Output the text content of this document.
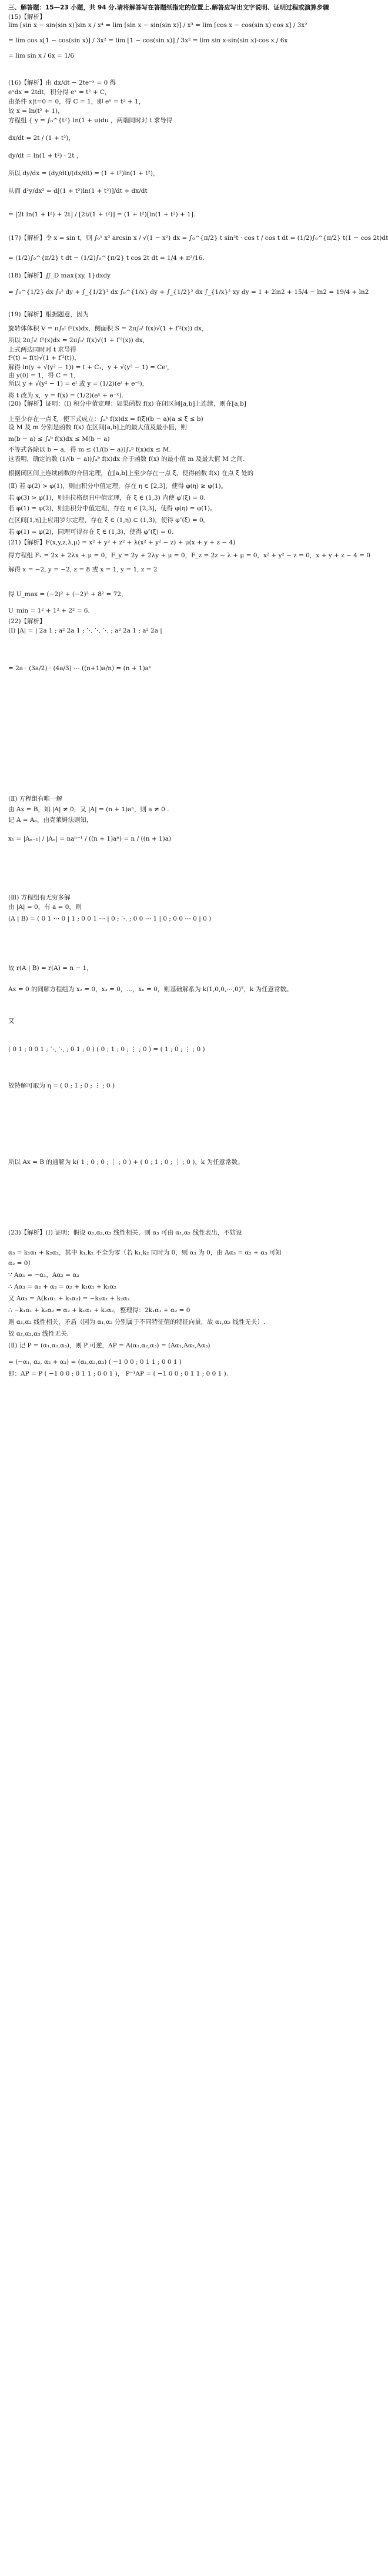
三、解答题：15—23 小题，共 94 分.请将解答写在答题纸指定的位置上.解答应写出文字说明、证明过程或演算步骤
(15)【解析】
lim [sin x − sin(sin x)]sin x / x⁴ = lim [sin x − sin(sin x)] / x³ = lim [cos x − cos(sin x)·cos x] / 3x²
= lim cos x[1 − cos(sin x)] / 3x² = lim [1 − cos(sin x)] / 3x² = lim sin x·sin(sin x)·cos x / 6x
= lim sin x / 6x = 1/6
(16)【解析】由 dx/dt − 2te⁻ˣ = 0 得
eˣdx = 2tdt，积分得 eˣ = t² + C，
由条件 x|t=0 = 0，得 C = 1，即 eˣ = t² + 1，
故 x = ln(t² + 1)，
方程组 { y = ∫₀^{t²} ln(1 + u)du ，两端同时对 t 求导得
dx/dt = 2t / (1 + t²)，
dy/dt = ln(1 + t²) · 2t ，
所以 dy/dx = (dy/dt)/(dx/dt) = (1 + t²)ln(1 + t²)，
从而 d²y/dx² = d[(1 + t²)ln(1 + t²)]/dt ÷ dx/dt
= [2t ln(1 + t²) + 2t] / [2t/(1 + t²)] = (1 + t²)[ln(1 + t²) + 1].
(17)【解析】令 x = sin t，则 ∫₀¹ x² arcsin x / √(1 − x²) dx = ∫₀^{π/2} t sin²t · cos t / cos t dt = (1/2)∫₀^{π/2} t(1 − cos 2t)dt
= (1/2)∫₀^{π/2} t dt − (1/2)∫₀^{π/2} t cos 2t dt = 1/4 + π²/16.
(18)【解析】∬_D max{xy, 1}dxdy
= ∫₀^{1/2} dx ∫₀² dy + ∫_{1/2}² dx ∫₀^{1/x} dy + ∫_{1/2}² dx ∫_{1/x}² xy dy = 1 + 2ln2 + 15/4 − ln2 = 19/4 + ln2
(19)【解析】根据题意，因为
旋转体体积 V = π∫₀ᵗ f²(x)dx，侧面积 S = 2π∫₀ᵗ f(x)√(1 + f′²(x)) dx，
所以 2π∫₀ᵗ f²(x)dx = 2π∫₀ᵗ f(x)√(1 + f′²(x)) dx，
上式两边同时对 t 求导得
f²(t) = f(t)√(1 + f′²(t))，
解得 ln(y + √(y² − 1)) = t + C₁，y + √(y² − 1) = Ceᵗ，
由 y(0) = 1，得 C = 1，
所以 y + √(y² − 1) = eᵗ 或 y = (1/2)(eᵗ + e⁻ᵗ)，
将 t 改为 x，y = f(x) = (1/2)(eˣ + e⁻ˣ).
(20)【解析】证明：(I) 积分中值定理：如果函数 f(x) 在闭区间[a,b]上连续，则在[a,b]
上至少存在一点 ξ，使下式成立：∫ₐᵇ f(x)dx = f(ξ)(b − a)(a ≤ ξ ≤ b)
设 M 及 m 分别是函数 f(x) 在区间[a,b]上的最大值及最小值，则
m(b − a) ≤ ∫ₐᵇ f(x)dx ≤ M(b − a)
不等式各除以 b − a，得 m ≤ (1/(b − a))∫ₐᵇ f(x)dx ≤ M.
这表明，确定的数 (1/(b − a))∫ₐᵇ f(x)dx 介于函数 f(x) 的最小值 m 及最大值 M 之间.
根据闭区间上连续函数的介值定理，在[a,b]上至少存在一点 ξ，使得函数 f(x) 在点 ξ 处的
(Ⅱ) 若 φ(2) > φ(1)，则由积分中值定理，存在 η ∈ [2,3]，使得 φ(η) ≥ φ(1)。
若 φ(3) > φ(1)，则由拉格朗日中值定理，在 ξ ∈ (1,3) 内使 φ′(ξ) = 0.
若 φ(1) = φ(2)，则由积分中值定理，存在 η ∈ [2,3]，使得 φ(η) = φ(1)。
在区间[1,η]上应用罗尔定理，存在 ξ ∈ (1,η) ⊂ (1,3)，使得 φ″(ξ) = 0。
若 φ(1) = φ(2)，同理可得存在 ξ ∈ (1,3)，使得 φ″(ξ) = 0.
(21)【解析】F(x,y,z,λ,μ) = x² + y² + z² + λ(x² + y² − z) + μ(x + y + z − 4)
得方程组 Fₓ = 2x + 2λx + μ = 0，F_y = 2y + 2λy + μ = 0，F_z = 2z − λ + μ = 0，x² + y² − z = 0，x + y + z − 4 = 0
解得 x = −2, y = −2, z = 8 或 x = 1, y = 1, z = 2
得 U_max = (−2)² + (−2)² + 8² = 72，
U_min = 1² + 1² + 2² = 6.
(22)【解析】
(I) |A| = | 2a 1 ; a² 2a 1 ; ⋱ ⋱ ⋱ ; a² 2a 1 ; a² 2a |
= 2a · (3a/2) · (4a/3) ⋯ ((n+1)a/n) = (n + 1)aⁿ
(Ⅱ) 方程组有唯一解
由 Ax = B，知 |A| ≠ 0，又 |A| = (n + 1)aⁿ，则 a ≠ 0 .
记 A = Aₙ，由克莱姆法则知，
x₁ = |Aₙ₋₁| / |Aₙ| = naⁿ⁻¹ / ((n + 1)aⁿ) = n / ((n + 1)a)
(Ⅲ) 方程组有无穷多解
由 |A| = 0，有 a = 0，则
(A | B) = ( 0 1 ⋯ 0 | 1 ; 0 0 1 ⋯ | 0 ; ⋱ ; 0 0 ⋯ 1 | 0 ; 0 0 ⋯ 0 | 0 )
故 r(A | B) = r(A) = n − 1，
Ax = 0 的同解方程组为 x₂ = 0，x₃ = 0，⋯，xₙ = 0，则基础解系为 k(1,0,0,⋯,0)ᵀ，k 为任意常数。
又
( 0 1 ; 0 0 1 ; ⋱ ⋱ ; 0 1 ; 0 ) ( 0 ; 1 ; 0 ; ⋮ ; 0 ) = ( 1 ; 0 ; ⋮ ; 0 )
故特解可取为 η = ( 0 ; 1 ; 0 ; ⋮ ; 0 )
所以 Ax = B 的通解为 k( 1 ; 0 ; 0 ; ⋮ ; 0 ) + ( 0 ; 1 ; 0 ; ⋮ ; 0 )，k 为任意常数。
(23)【解析】(I) 证明：假设 α₁,α₂,α₃ 线性相关，则 α₃ 可由 α₁,α₂ 线性表出，不妨设
α₃ = k₁α₁ + k₂α₂，其中 k₁,k₂ 不全为零（若 k₁,k₂ 同时为 0，则 α₃ 为 0，由 Aα₃ = α₂ + α₃ 可知
α₂ = 0）
∵ Aα₁ = −α₁，Aα₂ = α₂
∴ Aα₃ = α₂ + α₃ = α₂ + k₁α₁ + k₂α₂
又 Aα₃ = A(k₁α₁ + k₂α₂) = −k₁α₁ + k₂α₂
∴ −k₁α₁ + k₂α₂ = α₂ + k₁α₁ + k₂α₂，整理得：2k₁α₁ + α₂ = 0
则 α₁,α₂ 线性相关，矛盾（因为 α₁,α₂ 分别属于不同特征值的特征向量，故 α₁,α₂ 线性无关）.
故 α₁,α₂,α₃ 线性无关.
(Ⅱ) 记 P = (α₁,α₂,α₃)，则 P 可逆，AP = A(α₁,α₂,α₃) = (Aα₁,Aα₂,Aα₃)
= (−α₁, α₂, α₂ + α₃) = (α₁,α₂,α₃) ( −1 0 0 ; 0 1 1 ; 0 0 1 )
即：AP = P ( −1 0 0 ; 0 1 1 ; 0 0 1 )， P⁻¹AP = ( −1 0 0 ; 0 1 1 ; 0 0 1 ).
